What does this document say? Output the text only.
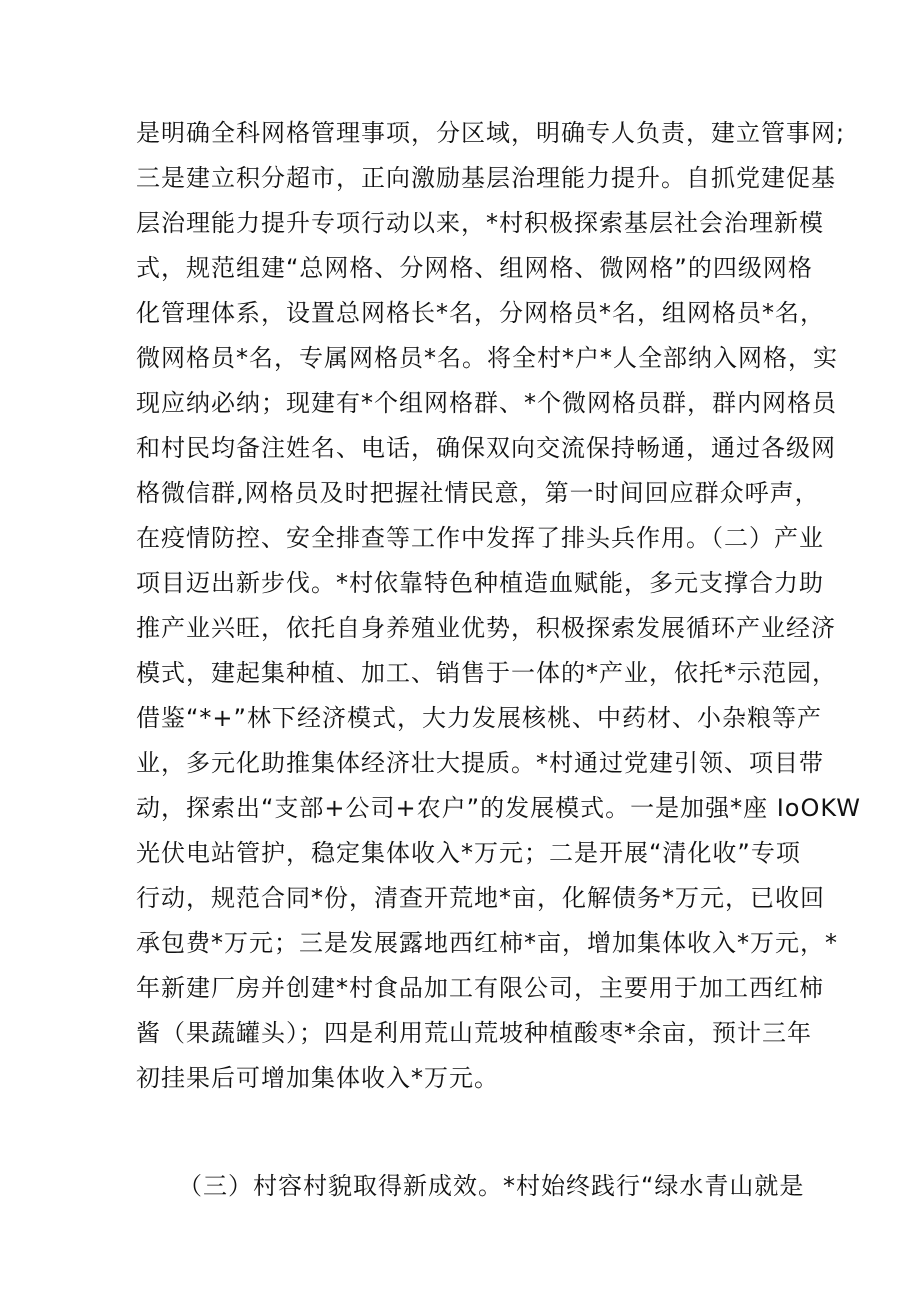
是明确全科网格管理事项，分区域，明确专人负责，建立管事网;
三是建立积分超市，正向激励基层治理能力提升。自抓党建促基
层治理能力提升专项行动以来，*村积极探索基层社会治理新模
式，规范组建“总网格、分网格、组网格、微网格”的四级网格
化管理体系，设置总网格长*名，分网格员*名，组网格员*名，
微网格员*名，专属网格员*名。将全村*户*人全部纳入网格，实
现应纳必纳；现建有*个组网格群、*个微网格员群，群内网格员
和村民均备注姓名、电话，确保双向交流保持畅通，通过各级网
格微信群,网格员及时把握社情民意，第一时间回应群众呼声，
在疫情防控、安全排查等工作中发挥了排头兵作用。（二）产业
项目迈出新步伐。*村依靠特色种植造血赋能，多元支撑合力助
推产业兴旺，依托自身养殖业优势，积极探索发展循环产业经济
模式，建起集种植、加工、销售于一体的*产业，依托*示范园，
借鉴“*+”林下经济模式，大力发展核桃、中药材、小杂粮等产
业，多元化助推集体经济壮大提质。*村通过党建引领、项目带
动，探索出“支部+公司+农户”的发展模式。一是加强*座 IoOKW
光伏电站管护，稳定集体收入*万元；二是开展“清化收”专项
行动，规范合同*份，清查开荒地*亩，化解债务*万元，已收回
承包费*万元；三是发展露地西红柿*亩，增加集体收入*万元，*
年新建厂房并创建*村食品加工有限公司，主要用于加工西红柿
酱（果蔬罐头）；四是利用荒山荒坡种植酸枣*余亩，预计三年
初挂果后可增加集体收入*万元。
（三）村容村貌取得新成效。*村始终践行“绿水青山就是
